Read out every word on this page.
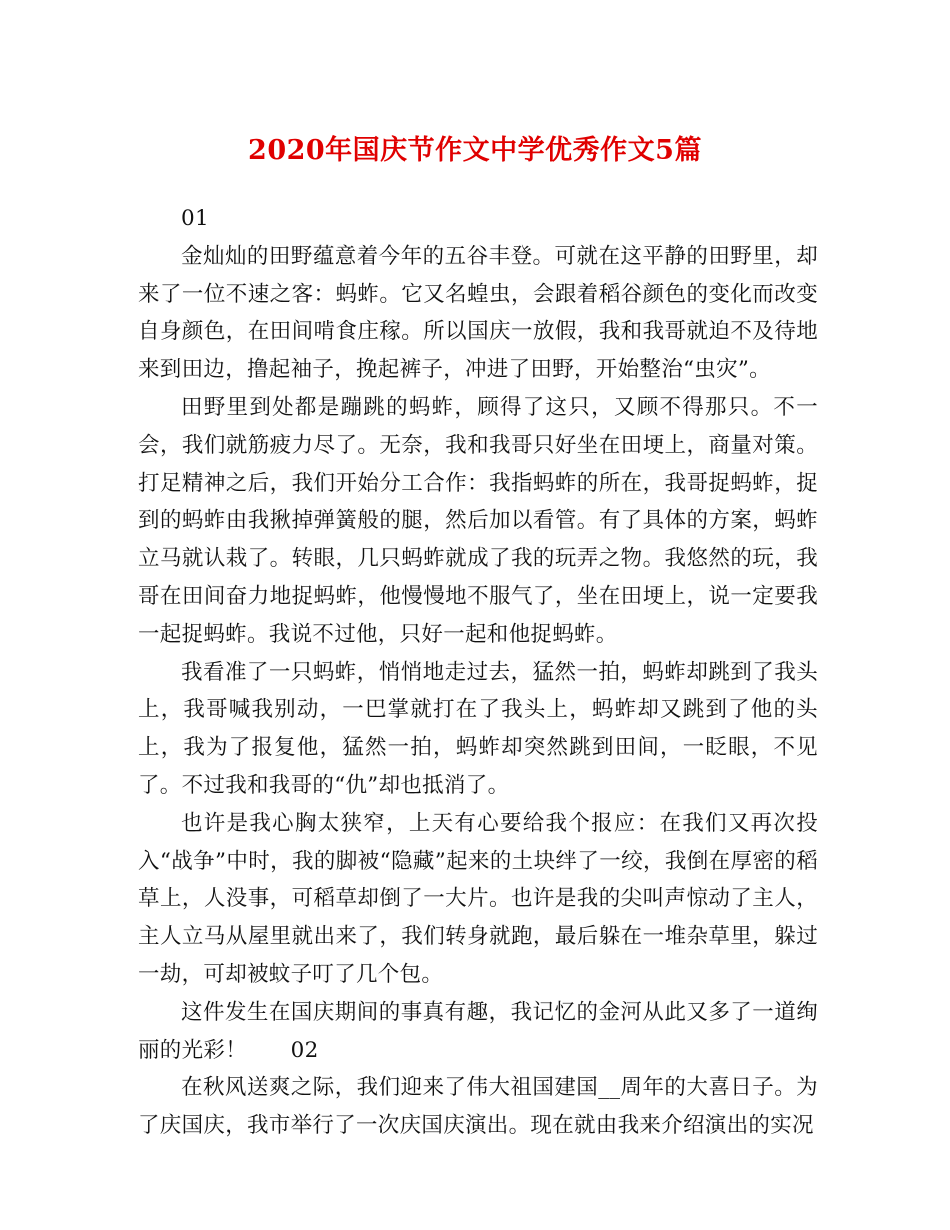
2020年国庆节作文中学优秀作文5篇

01

金灿灿的田野蕴意着今年的五谷丰登。可就在这平静的田野里，却来了一位不速之客：蚂蚱。它又名蝗虫，会跟着稻谷颜色的变化而改变自身颜色，在田间啃食庄稼。所以国庆一放假，我和我哥就迫不及待地来到田边，撸起袖子，挽起裤子，冲进了田野，开始整治“虫灾”。

田野里到处都是蹦跳的蚂蚱，顾得了这只，又顾不得那只。不一会，我们就筋疲力尽了。无奈，我和我哥只好坐在田埂上，商量对策。打足精神之后，我们开始分工合作：我指蚂蚱的所在，我哥捉蚂蚱，捉到的蚂蚱由我揪掉弹簧般的腿，然后加以看管。有了具体的方案，蚂蚱立马就认栽了。转眼，几只蚂蚱就成了我的玩弄之物。我悠然的玩，我哥在田间奋力地捉蚂蚱，他慢慢地不服气了，坐在田埂上，说一定要我一起捉蚂蚱。我说不过他，只好一起和他捉蚂蚱。

我看准了一只蚂蚱，悄悄地走过去，猛然一拍，蚂蚱却跳到了我头上，我哥喊我别动，一巴掌就打在了我头上，蚂蚱却又跳到了他的头上，我为了报复他，猛然一拍，蚂蚱却突然跳到田间，一眨眼，不见了。不过我和我哥的“仇”却也抵消了。

也许是我心胸太狭窄，上天有心要给我个报应：在我们又再次投入“战争”中时，我的脚被“隐藏”起来的土块绊了一绞，我倒在厚密的稻草上，人没事，可稻草却倒了一大片。也许是我的尖叫声惊动了主人，主人立马从屋里就出来了，我们转身就跑，最后躲在一堆杂草里，躲过一劫，可却被蚊子叮了几个包。

这件发生在国庆期间的事真有趣，我记忆的金河从此又多了一道绚丽的光彩！　　02

在秋风送爽之际，我们迎来了伟大祖国建国__周年的大喜日子。为了庆国庆，我市举行了一次庆国庆演出。现在就由我来介绍演出的实况
